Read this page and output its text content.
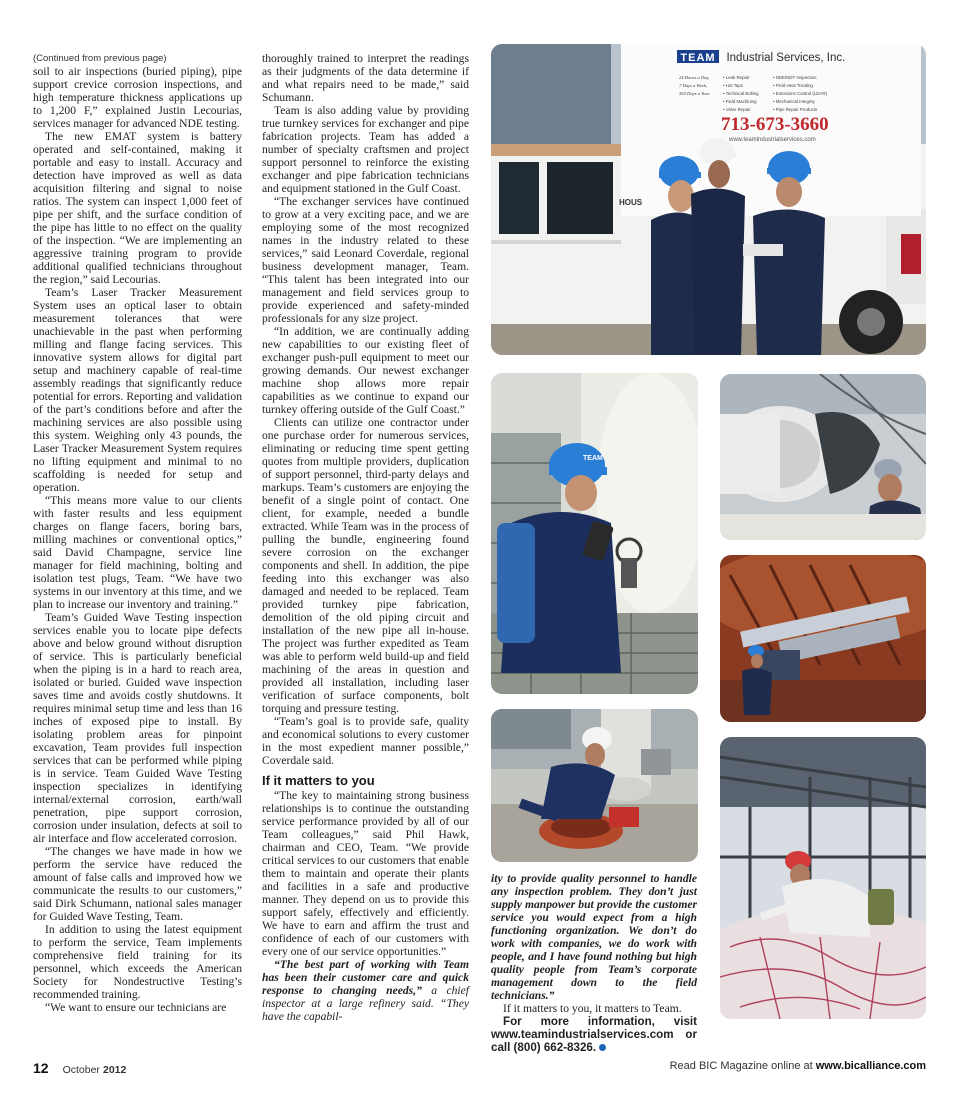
(Continued from previous page)

soil to air inspections (buried piping), pipe support crevice corrosion inspections, and high temperature thickness applications up to 1,200 F,” explained Justin Lecourias, services manager for advanced NDE testing.

The new EMAT system is battery operated and self-contained, making it portable and easy to install. Accuracy and detection have improved as well as data acquisition filtering and signal to noise ratios. The system can inspect 1,000 feet of pipe per shift, and the surface condition of the pipe has little to no effect on the quality of the inspection. “We are implementing an aggressive training program to provide additional qualified technicians throughout the region,” said Lecourias.

Team’s Laser Tracker Measurement System uses an optical laser to obtain measurement tolerances that were unachievable in the past when performing milling and flange facing services. This innovative system allows for digital part setup and machinery capable of real-time assembly readings that significantly reduce potential for errors. Reporting and validation of the part’s conditions before and after the machining services are also possible using this system. Weighing only 43 pounds, the Laser Tracker Measurement System requires no lifting equipment and minimal to no scaffolding is needed for setup and operation.

“This means more value to our clients with faster results and less equipment charges on flange facers, boring bars, milling machines or conventional optics,” said David Champagne, service line manager for field machining, bolting and isolation test plugs, Team. “We have two systems in our inventory at this time, and we plan to increase our inventory and training.”

Team’s Guided Wave Testing inspection services enable you to locate pipe defects above and below ground without disruption of service. This is particularly beneficial when the piping is in a hard to reach area, isolated or buried. Guided wave inspection saves time and avoids costly shutdowns. It requires minimal setup time and less than 16 inches of exposed pipe to install. By isolating problem areas for pinpoint excavation, Team provides full inspection services that can be performed while piping is in service. Team Guided Wave Testing inspection specializes in identifying internal/external corrosion, earth/wall penetration, pipe support corrosion, corrosion under insulation, defects at soil to air interface and flow accelerated corrosion.

“The changes we have made in how we perform the service have reduced the amount of false calls and improved how we communicate the results to our customers,” said Dirk Schumann, national sales manager for Guided Wave Testing, Team.

In addition to using the latest equipment to perform the service, Team implements comprehensive field training for its personnel, which exceeds the American Society for Nondestructive Testing’s recommended training.

“We want to ensure our technicians are

thoroughly trained to interpret the readings as their judgments of the data determine if and what repairs need to be made,” said Schumann.

Team is also adding value by providing true turnkey services for exchanger and pipe fabrication projects. Team has added a number of specialty craftsmen and project support personnel to reinforce the existing exchanger and pipe fabrication technicians and equipment stationed in the Gulf Coast.

“The exchanger services have continued to grow at a very exciting pace, and we are employing some of the most recognized names in the industry related to these services,” said Leonard Coverdale, regional business development manager, Team. “This talent has been integrated into our management and field services group to provide experienced and safety-minded professionals for any size project.

“In addition, we are continually adding new capabilities to our existing fleet of exchanger push-pull equipment to meet our growing demands. Our newest exchanger machine shop allows more repair capabilities as we continue to expand our turnkey offering outside of the Gulf Coast.”

Clients can utilize one contractor under one purchase order for numerous services, eliminating or reducing time spent getting quotes from multiple providers, duplication of support personnel, third-party delays and markups. Team’s customers are enjoying the benefit of a single point of contact. One client, for example, needed a bundle extracted. While Team was in the process of pulling the bundle, engineering found severe corrosion on the exchanger components and shell. In addition, the pipe feeding into this exchanger was also damaged and needed to be replaced. Team provided turnkey pipe fabrication, demolition of the old piping circuit and installation of the new pipe all in-house. The project was further expedited as Team was able to perform weld build-up and field machining of the areas in question and provided all installation, including laser verification of surface components, bolt torquing and pressure testing.

“Team’s goal is to provide safe, quality and economical solutions to every customer in the most expedient manner possible,” Coverdale said.

If it matters to you

“The key to maintaining strong business relationships is to continue the outstanding service performance provided by all of our Team colleagues,” said Phil Hawk, chairman and CEO, Team. “We provide critical services to our customers that enable them to maintain and operate their plants and facilities in a safe and productive manner. They depend on us to provide this support safely, effectively and efficiently. We have to earn and affirm the trust and confidence of each of our customers with every one of our service opportunities.”

“The best part of working with Team has been their customer care and quick response to changing needs,” a chief inspector at a large refinery said. “They have the capabil-

ity to provide quality personnel to handle any inspection problem. They don’t just supply manpower but provide the customer service you would expect from a high functioning organization. We don’t do work with companies, we do work with people, and I have found nothing but high quality people from Team’s corporate management down to the field technicians.”

If it matters to you, it matters to Team.

For more information, visit www.teamindustrialservices.com or call (800) 662-8326.

TEAM Industrial Services, Inc.
24 Hours a Day,
7 Days a Week,
365 Days a Year.
• Leak Repair
• Hot Taps
• Technical Bolting
• Field Machining
• Valve Repair
• NDE/NDT Inspection
• Field Heat Treating
• Emissions Control (LDAR)
• Mechanical Integrity
• Pipe Repair Products
713-673-3660
www.teamindustrialservices.com
HOUS
TEAM
12 October 2012	Read BIC Magazine online at www.bicalliance.com
